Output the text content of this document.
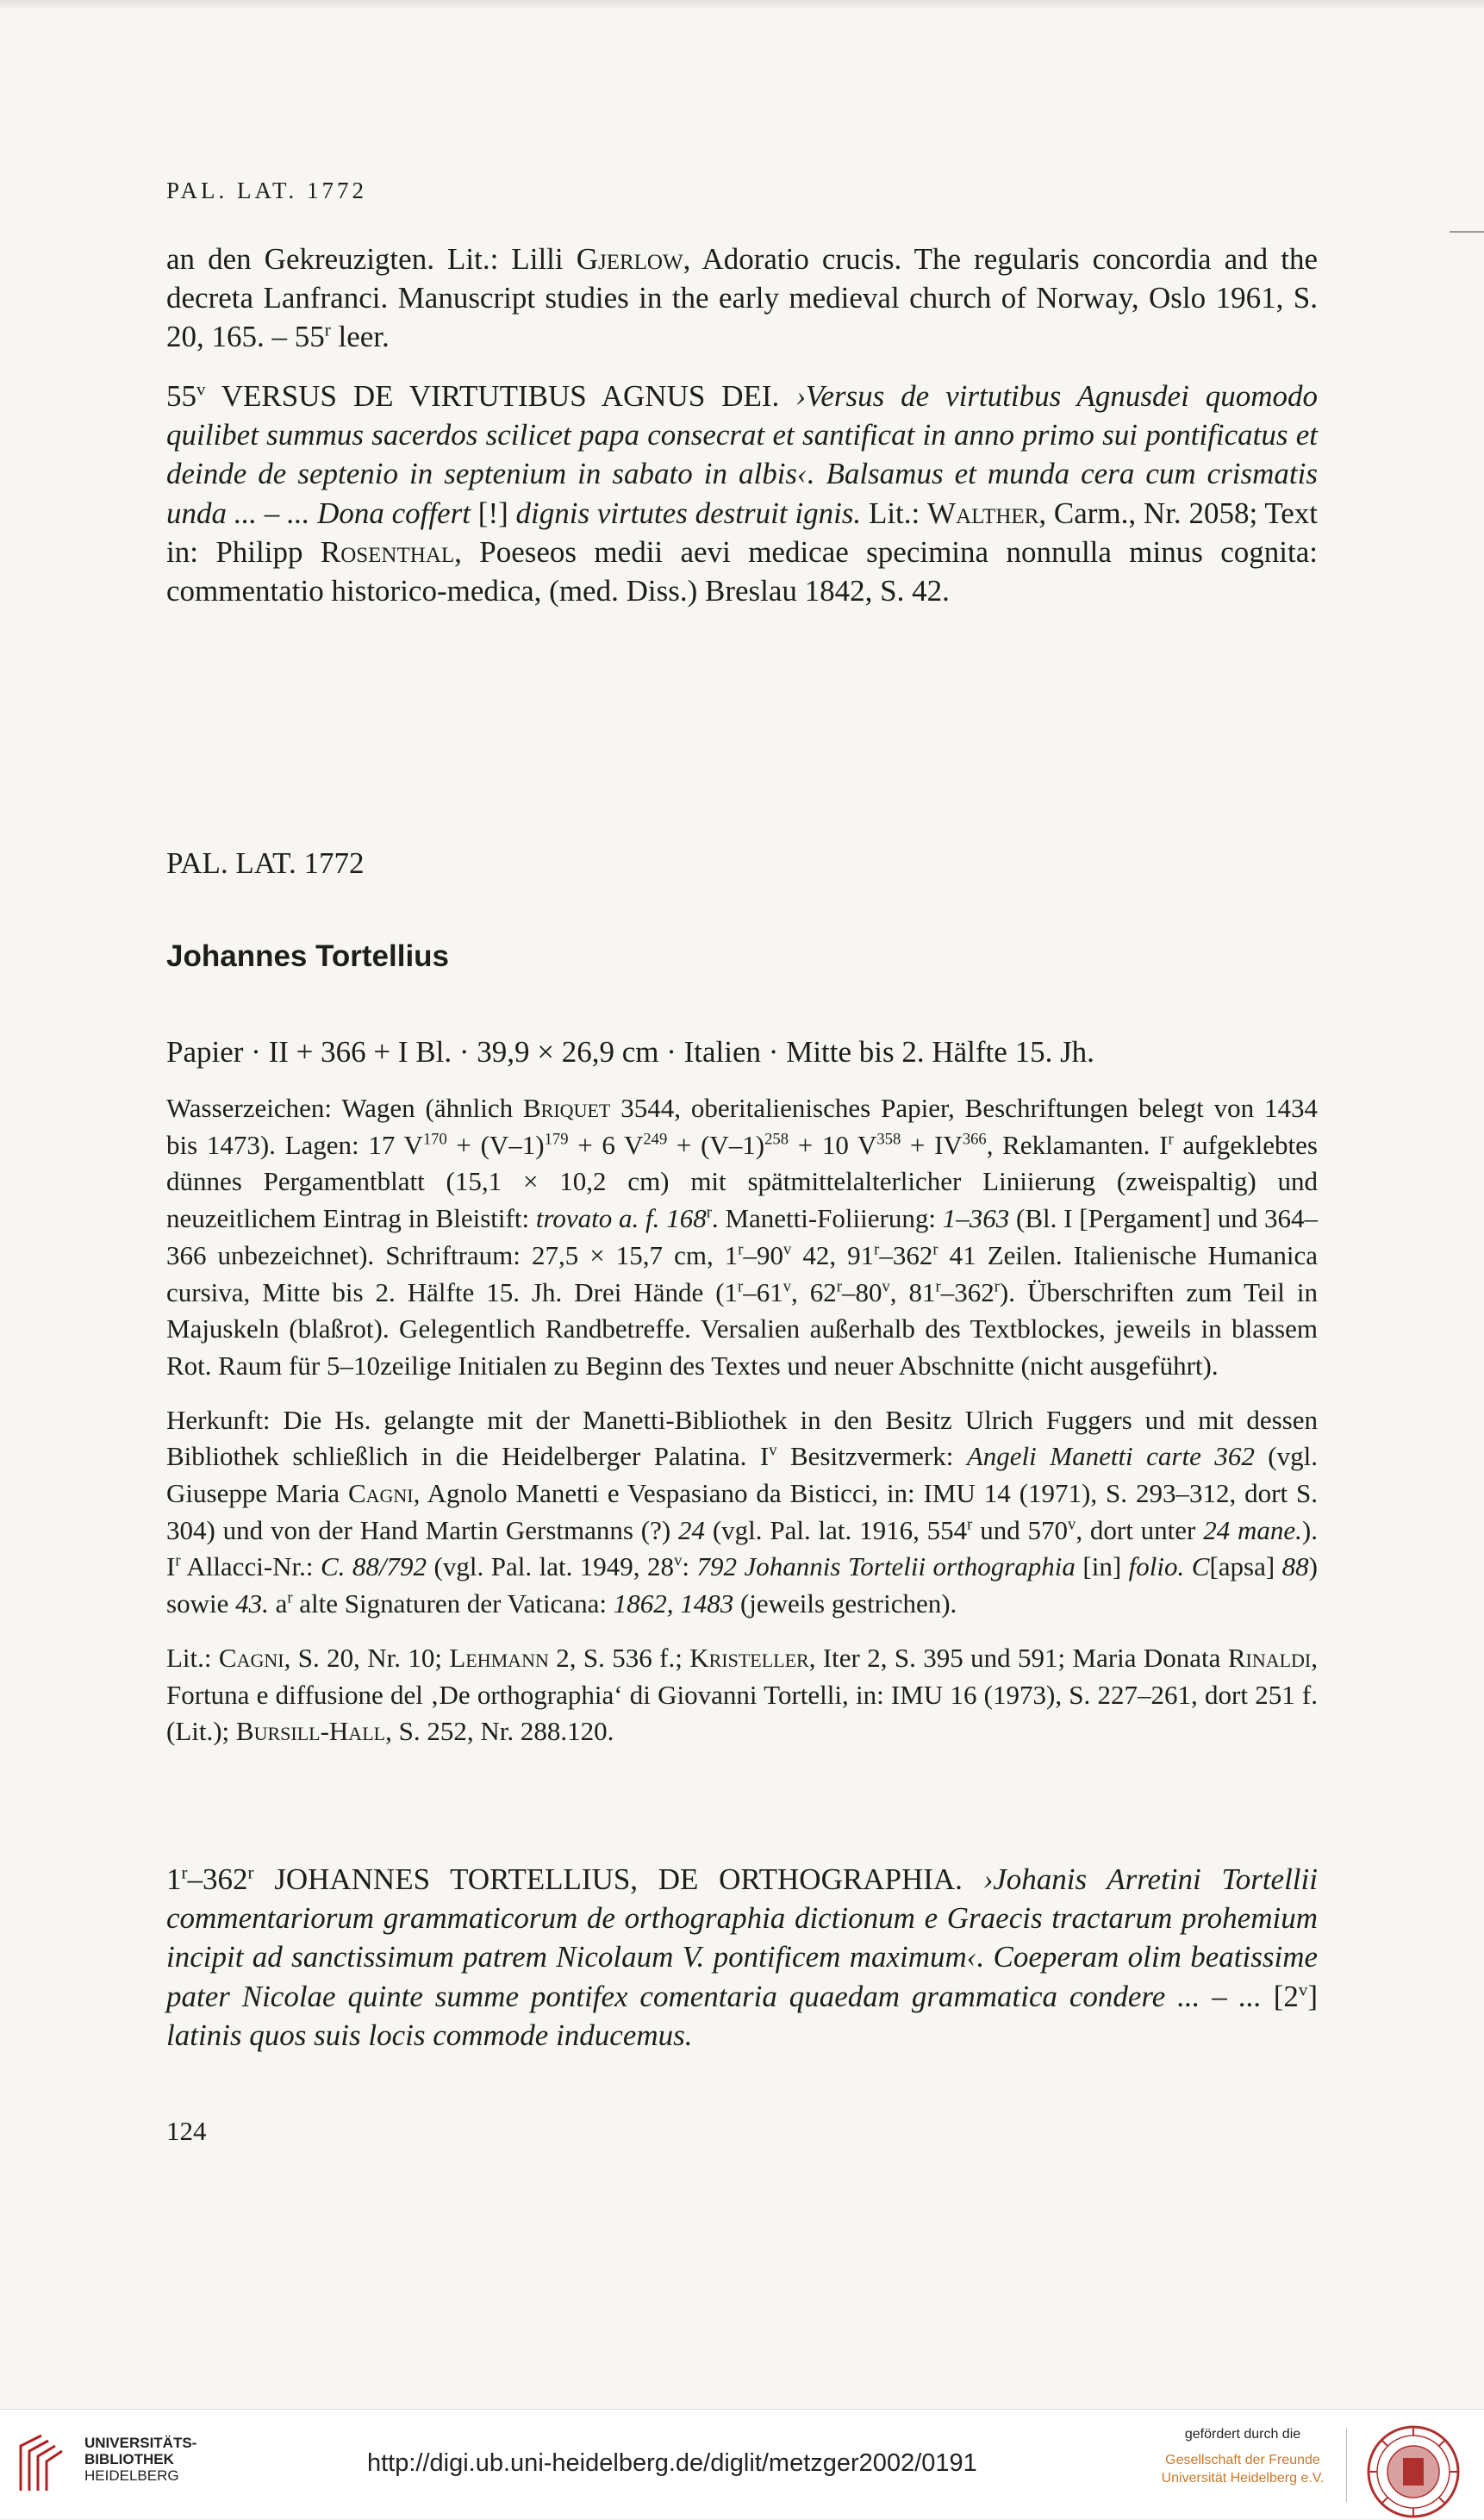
PAL. LAT. 1772

an den Gekreuzigten. Lit.: Lilli Gjerlow, Adoratio crucis. The regularis concordia and the decreta Lanfranci. Manuscript studies in the early medieval church of Norway, Oslo 1961, S. 20, 165. – 55$^r$ leer.

55$^v$ VERSUS DE VIRTUTIBUS AGNUS DEI. ›Versus de virtutibus Agnusdei quomodo quilibet summus sacerdos scilicet papa consecrat et santificat in anno primo sui pontificatus et deinde de septenio in septenium in sabato in albis‹. Balsamus et munda cera cum crismatis unda ... – ... Dona coffert [!] dignis virtutes destruit ignis. Lit.: Walther, Carm., Nr. 2058; Text in: Philipp Rosenthal, Poeseos medii aevi medicae specimina nonnulla minus cognita: commentatio historico-medica, (med. Diss.) Breslau 1842, S. 42.

PAL. LAT. 1772
Johannes Tortellius

Papier · II + 366 + I Bl. · 39,9 × 26,9 cm · Italien · Mitte bis 2. Hälfte 15. Jh.

Wasserzeichen: Wagen (ähnlich Briquet 3544, oberitalienisches Papier, Beschriftungen belegt von 1434 bis 1473). Lagen: 17 $V^{170} + (V-1)^{179} + 6$ $V^{249} + (V-1)^{258} + 10$ $V^{358} + IV^{366}$, Reklamanten. $I^r$ aufgeklebtes dünnes Pergamentblatt (15,1 × 10,2 cm) mit spätmittelalterlicher Liniierung (zweispaltig) und neuzeitlichem Eintrag in Bleistift: trovato a. f. 168$^r$. Manetti-Foliierung: 1–363 (Bl. I [Pergament] und 364–366 unbezeichnet). Schriftraum: 27,5 × 15,7 cm, 1$^r$–90$^v$ 42, 91$^r$–362$^r$ 41 Zeilen. Italienische Humanica cursiva, Mitte bis 2. Hälfte 15. Jh. Drei Hände (1$^r$–61$^v$, 62$^r$–80$^v$, 81$^r$–362$^r$). Überschriften zum Teil in Majuskeln (blaßrot). Gelegentlich Randbetreffe. Versalien außerhalb des Textblockes, jeweils in blassem Rot. Raum für 5–10zeilige Initialen zu Beginn des Textes und neuer Abschnitte (nicht ausgeführt).

Herkunft: Die Hs. gelangte mit der Manetti-Bibliothek in den Besitz Ulrich Fuggers und mit dessen Bibliothek schließlich in die Heidelberger Palatina. $I^v$ Besitzvermerk: Angeli Manetti carte 362 (vgl. Giuseppe Maria Cagni, Agnolo Manetti e Vespasiano da Bisticci, in: IMU 14 (1971), S. 293–312, dort S. 304) und von der Hand Martin Gerstmanns (?) 24 (vgl. Pal. lat. 1916, 554$^r$ und 570$^v$, dort unter 24 mane.). $I^r$ Allacci-Nr.: C. 88/792 (vgl. Pal. lat. 1949, 28$^v$: 792 Johannis Tortelii orthographia [in] folio. C[apsa] 88) sowie 43. $a^r$ alte Signaturen der Vaticana: 1862, 1483 (jeweils gestrichen).

Lit.: Cagni, S. 20, Nr. 10; Lehmann 2, S. 536 f.; Kristeller, Iter 2, S. 395 und 591; Maria Donata Rinaldi, Fortuna e diffusione del ‚De orthographia‘ di Giovanni Tortelli, in: IMU 16 (1973), S. 227–261, dort 251 f. (Lit.); Bursill-Hall, S. 252, Nr. 288.120.

1$^r$–362$^r$ JOHANNES TORTELLIUS, DE ORTHOGRAPHIA. ›Johanis Arretini Tortellii commentariorum grammaticorum de orthographia dictionum e Graecis tractarum prohemium incipit ad sanctissimum patrem Nicolaum V. pontificem maximum‹. Coeperam olim beatissime pater Nicolae quinte summe pontifex comentaria quaedam grammatica condere ... – ... [2$^v$] latinis quos suis locis commode inducemus.

124
UNIVERSITÄTS-
BIBLIOTHEK
HEIDELBERG	http://digi.ub.uni-heidelberg.de/diglit/metzger2002/0191
gefördert durch die
Gesellschaft der Freunde
Universität Heidelberg e.V.
